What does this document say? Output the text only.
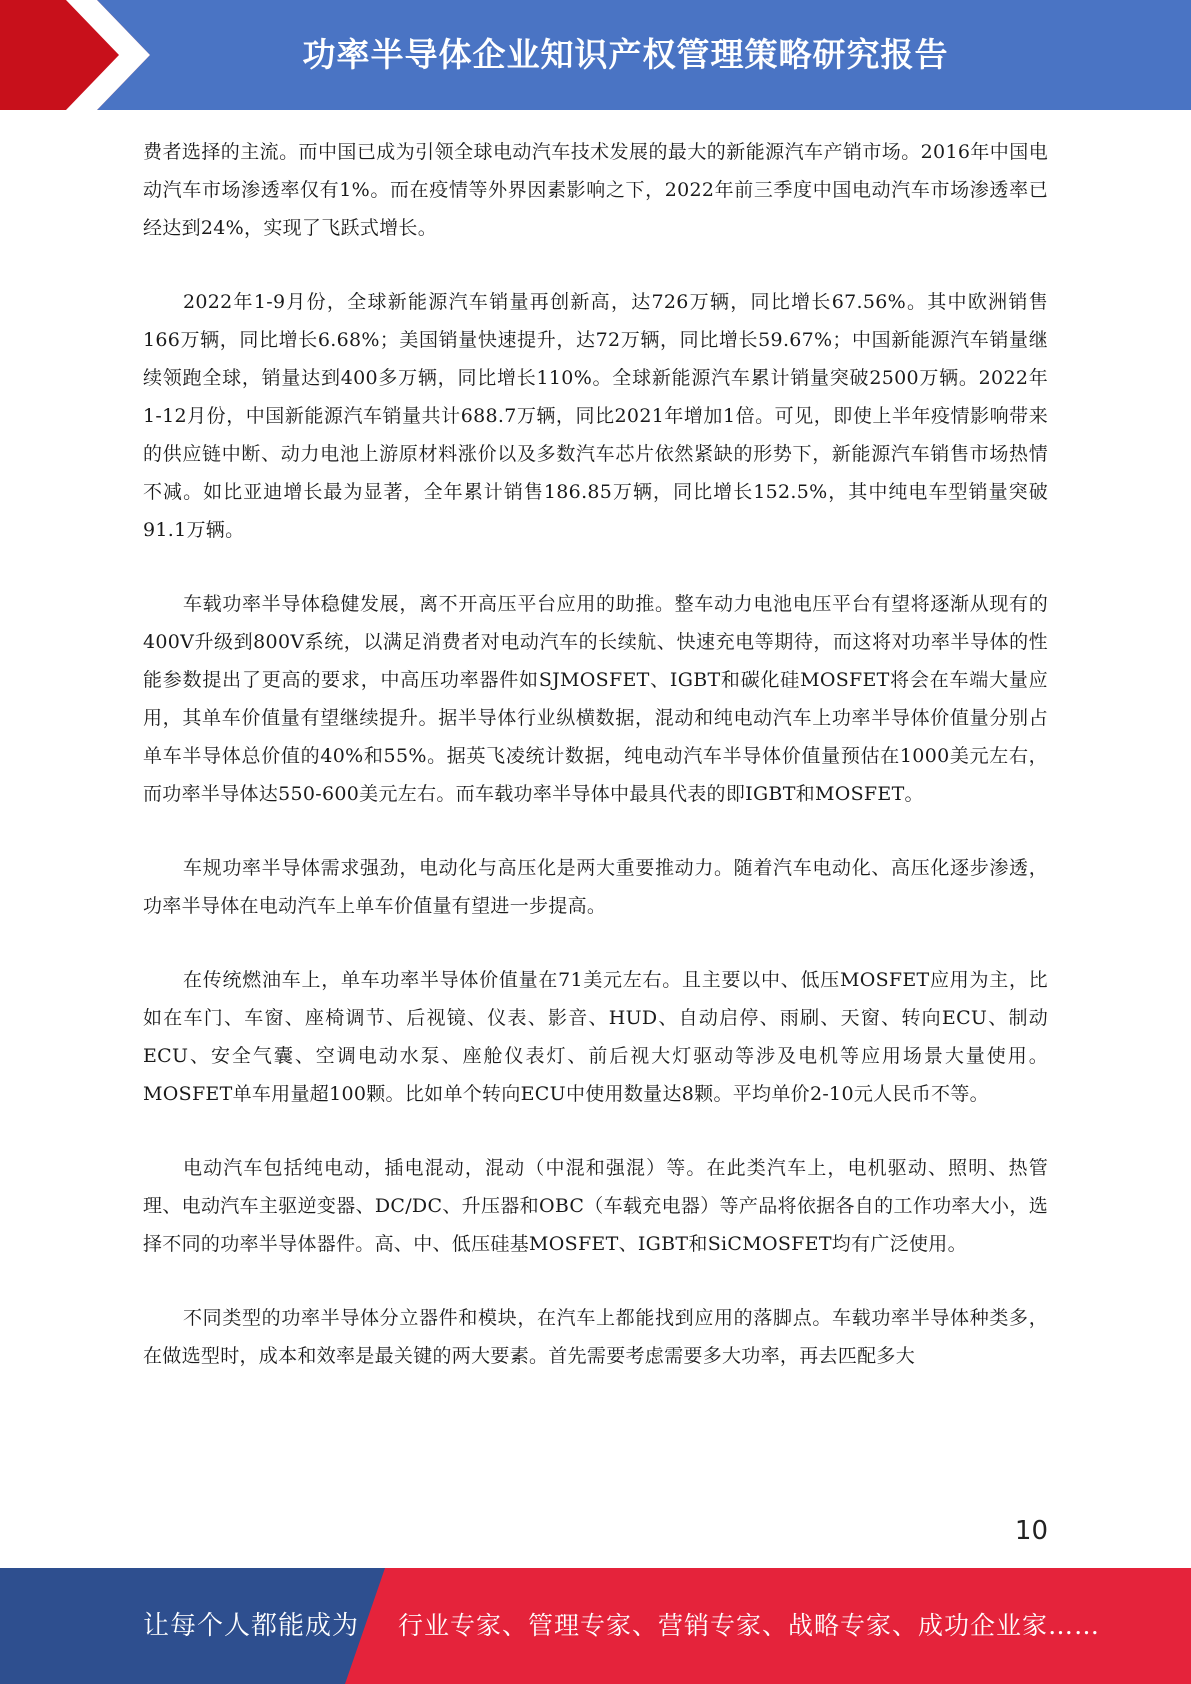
功率半导体企业知识产权管理策略研究报告

费者选择的主流。而中国已成为引领全球电动汽车技术发展的最大的新能源汽车产销市场。2016年中国电动汽车市场渗透率仅有1%。而在疫情等外界因素影响之下，2022年前三季度中国电动汽车市场渗透率已经达到24%，实现了飞跃式增长。

2022年1-9月份，全球新能源汽车销量再创新高，达726万辆，同比增长67.56%。其中欧洲销售166万辆，同比增长6.68%；美国销量快速提升，达72万辆，同比增长59.67%；中国新能源汽车销量继续领跑全球，销量达到400多万辆，同比增长110%。全球新能源汽车累计销量突破2500万辆。2022年1-12月份，中国新能源汽车销量共计688.7万辆，同比2021年增加1倍。可见，即使上半年疫情影响带来的供应链中断、动力电池上游原材料涨价以及多数汽车芯片依然紧缺的形势下，新能源汽车销售市场热情不减。如比亚迪增长最为显著，全年累计销售186.85万辆，同比增长152.5%，其中纯电车型销量突破91.1万辆。

车载功率半导体稳健发展，离不开高压平台应用的助推。整车动力电池电压平台有望将逐渐从现有的400V升级到800V系统，以满足消费者对电动汽车的长续航、快速充电等期待，而这将对功率半导体的性能参数提出了更高的要求，中高压功率器件如SJMOSFET、IGBT和碳化硅MOSFET将会在车端大量应用，其单车价值量有望继续提升。据半导体行业纵横数据，混动和纯电动汽车上功率半导体价值量分别占单车半导体总价值的40%和55%。据英飞凌统计数据，纯电动汽车半导体价值量预估在1000美元左右，而功率半导体达550-600美元左右。而车载功率半导体中最具代表的即IGBT和MOSFET。

车规功率半导体需求强劲，电动化与高压化是两大重要推动力。随着汽车电动化、高压化逐步渗透，功率半导体在电动汽车上单车价值量有望进一步提高。

在传统燃油车上，单车功率半导体价值量在71美元左右。且主要以中、低压MOSFET应用为主，比如在车门、车窗、座椅调节、后视镜、仪表、影音、HUD、自动启停、雨刷、天窗、转向ECU、制动ECU、安全气囊、空调电动水泵、座舱仪表灯、前后视大灯驱动等涉及电机等应用场景大量使用。MOSFET单车用量超100颗。比如单个转向ECU中使用数量达8颗。平均单价2-10元人民币不等。

电动汽车包括纯电动，插电混动，混动（中混和强混）等。在此类汽车上，电机驱动、照明、热管理、电动汽车主驱逆变器、DC/DC、升压器和OBC（车载充电器）等产品将依据各自的工作功率大小，选择不同的功率半导体器件。高、中、低压硅基MOSFET、IGBT和SiCMOSFET均有广泛使用。

不同类型的功率半导体分立器件和模块，在汽车上都能找到应用的落脚点。车载功率半导体种类多，在做选型时，成本和效率是最关键的两大要素。首先需要考虑需要多大功率，再去匹配多大

10
让每个人都能成为 行业专家、管理专家、营销专家、战略专家、成功企业家……
